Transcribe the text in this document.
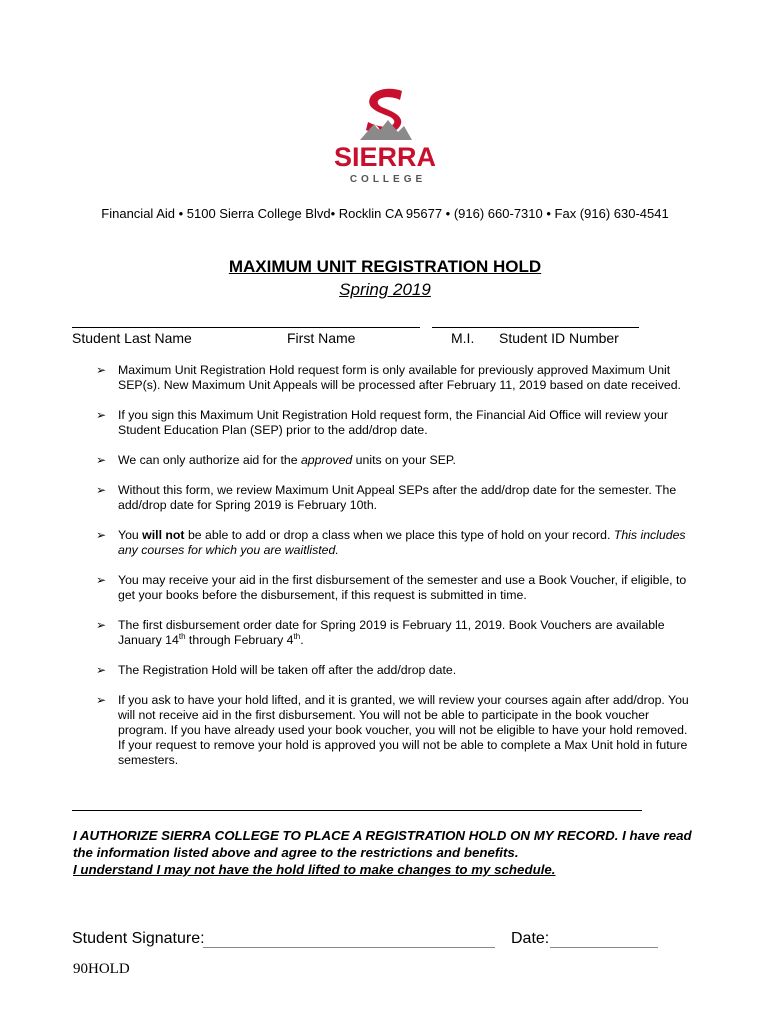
SIERRA
COLLEGE
Financial Aid • 5100 Sierra College Blvd• Rocklin CA 95677 • (916) 660-7310 • Fax (916) 630-4541
MAXIMUM UNIT REGISTRATION HOLD
Spring 2019
Student Last Name	First Name	M.I. Student ID Number
➢ Maximum Unit Registration Hold request form is only available for previously approved Maximum Unit SEP(s). New Maximum Unit Appeals will be processed after February 11, 2019 based on date received.
➢ If you sign this Maximum Unit Registration Hold request form, the Financial Aid Office will review your Student Education Plan (SEP) prior to the add/drop date.
➢ We can only authorize aid for the approved units on your SEP.
➢ Without this form, we review Maximum Unit Appeal SEPs after the add/drop date for the semester. The add/drop date for Spring 2019 is February 10th.
➢ You will not be able to add or drop a class when we place this type of hold on your record. This includes any courses for which you are waitlisted.
➢ You may receive your aid in the first disbursement of the semester and use a Book Voucher, if eligible, to get your books before the disbursement, if this request is submitted in time.
➢ The first disbursement order date for Spring 2019 is February 11, 2019. Book Vouchers are available January 14th through February 4th.
➢ The Registration Hold will be taken off after the add/drop date.
➢ If you ask to have your hold lifted, and it is granted, we will review your courses again after add/drop. You will not receive aid in the first disbursement. You will not be able to participate in the book voucher program. If you have already used your book voucher, you will not be eligible to have your hold removed. If your request to remove your hold is approved you will not be able to complete a Max Unit hold in future semesters.
I AUTHORIZE SIERRA COLLEGE TO PLACE A REGISTRATION HOLD ON MY RECORD. I have read the information listed above and agree to the restrictions and benefits.
I understand I may not have the hold lifted to make changes to my schedule.
Student Signature:	Date:
90HOLD
